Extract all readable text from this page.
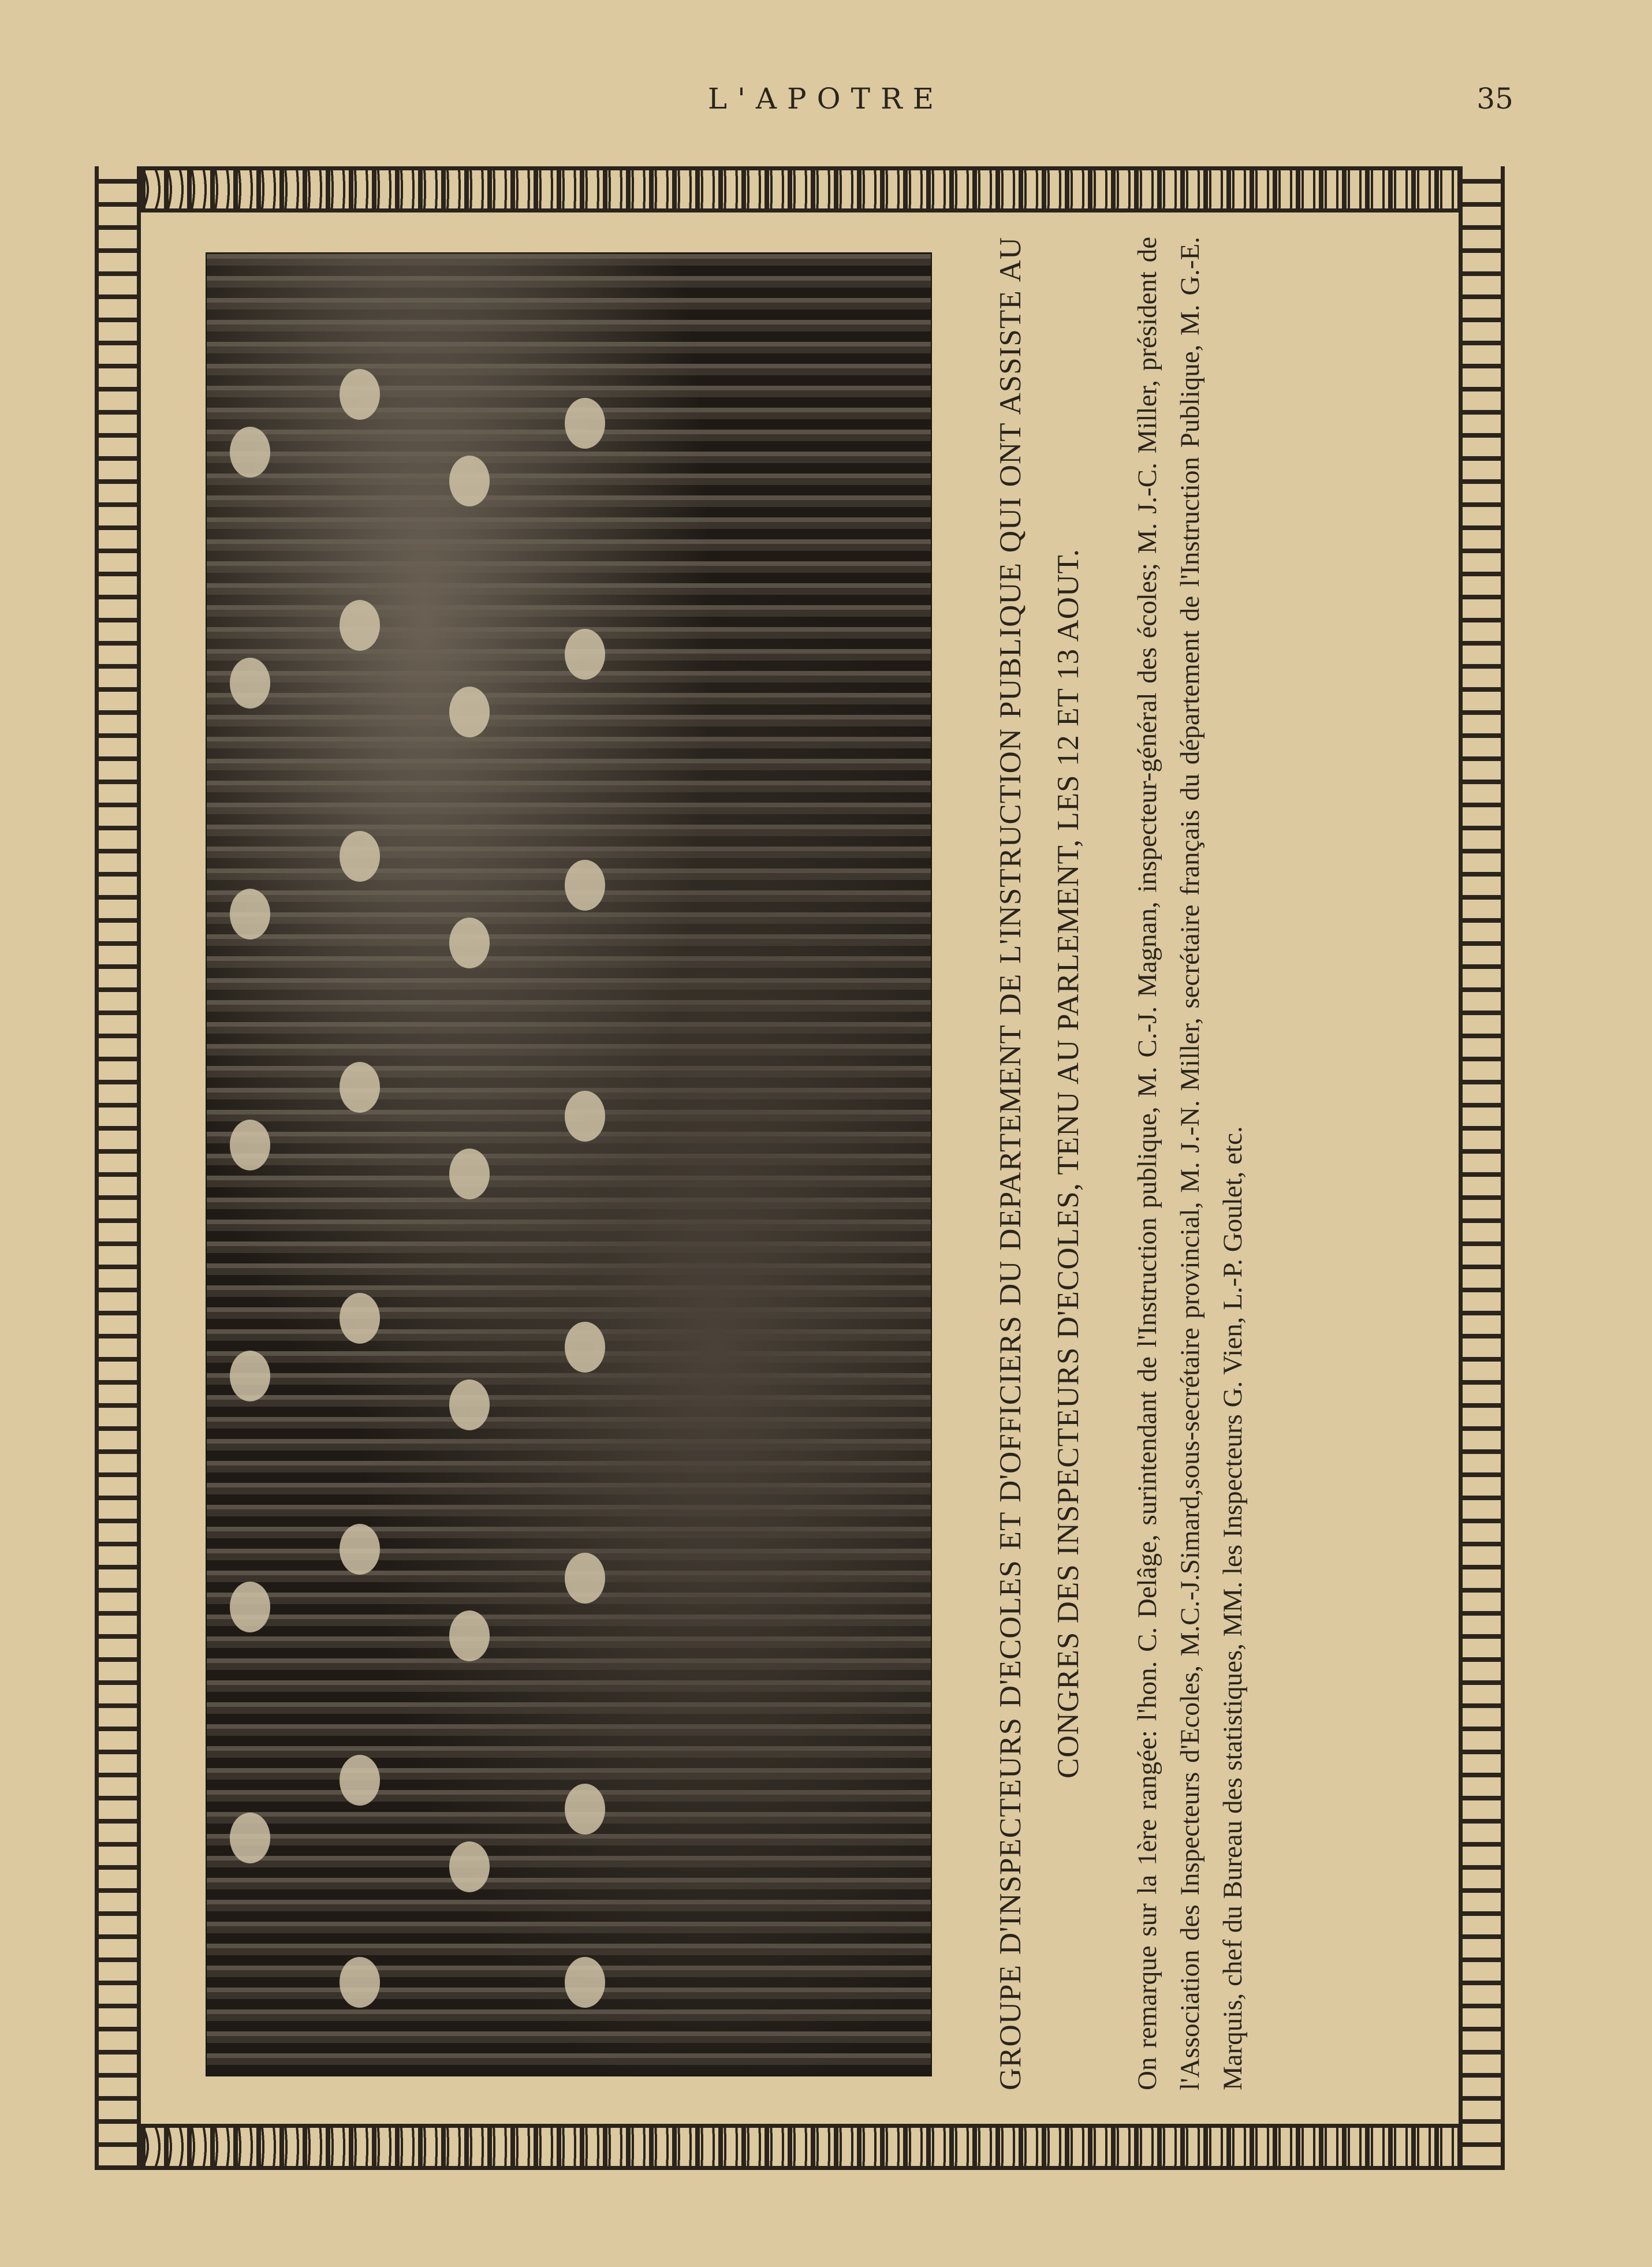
L'APOTRE	35

GROUPE D'INSPECTEURS D'ECOLES ET D'OFFICIERS DU DEPARTEMENT DE L'INSTRUCTION PUBLIQUE QUI ONT ASSISTE AU CONGRES DES INSPECTEURS D'ECOLES, TENU AU PARLEMENT, LES 12 ET 13 AOUT.	On remarque sur la 1ère rangée: l'hon. C. Delâge, surintendant de l'Instruction publique, M. C.-J. Magnan, inspecteur-général des écoles; M. J.-C. Miller, président de l'Association des Inspecteurs d'Ecoles, M.C.-J.Simard,sous-secrétaire provincial, M. J.-N. Miller, secrétaire français du département de l'Instruction Publique, M. G.-E. Marquis, chef du Bureau des statistiques, MM. les Inspecteurs G. Vien, L.-P. Goulet, etc.
